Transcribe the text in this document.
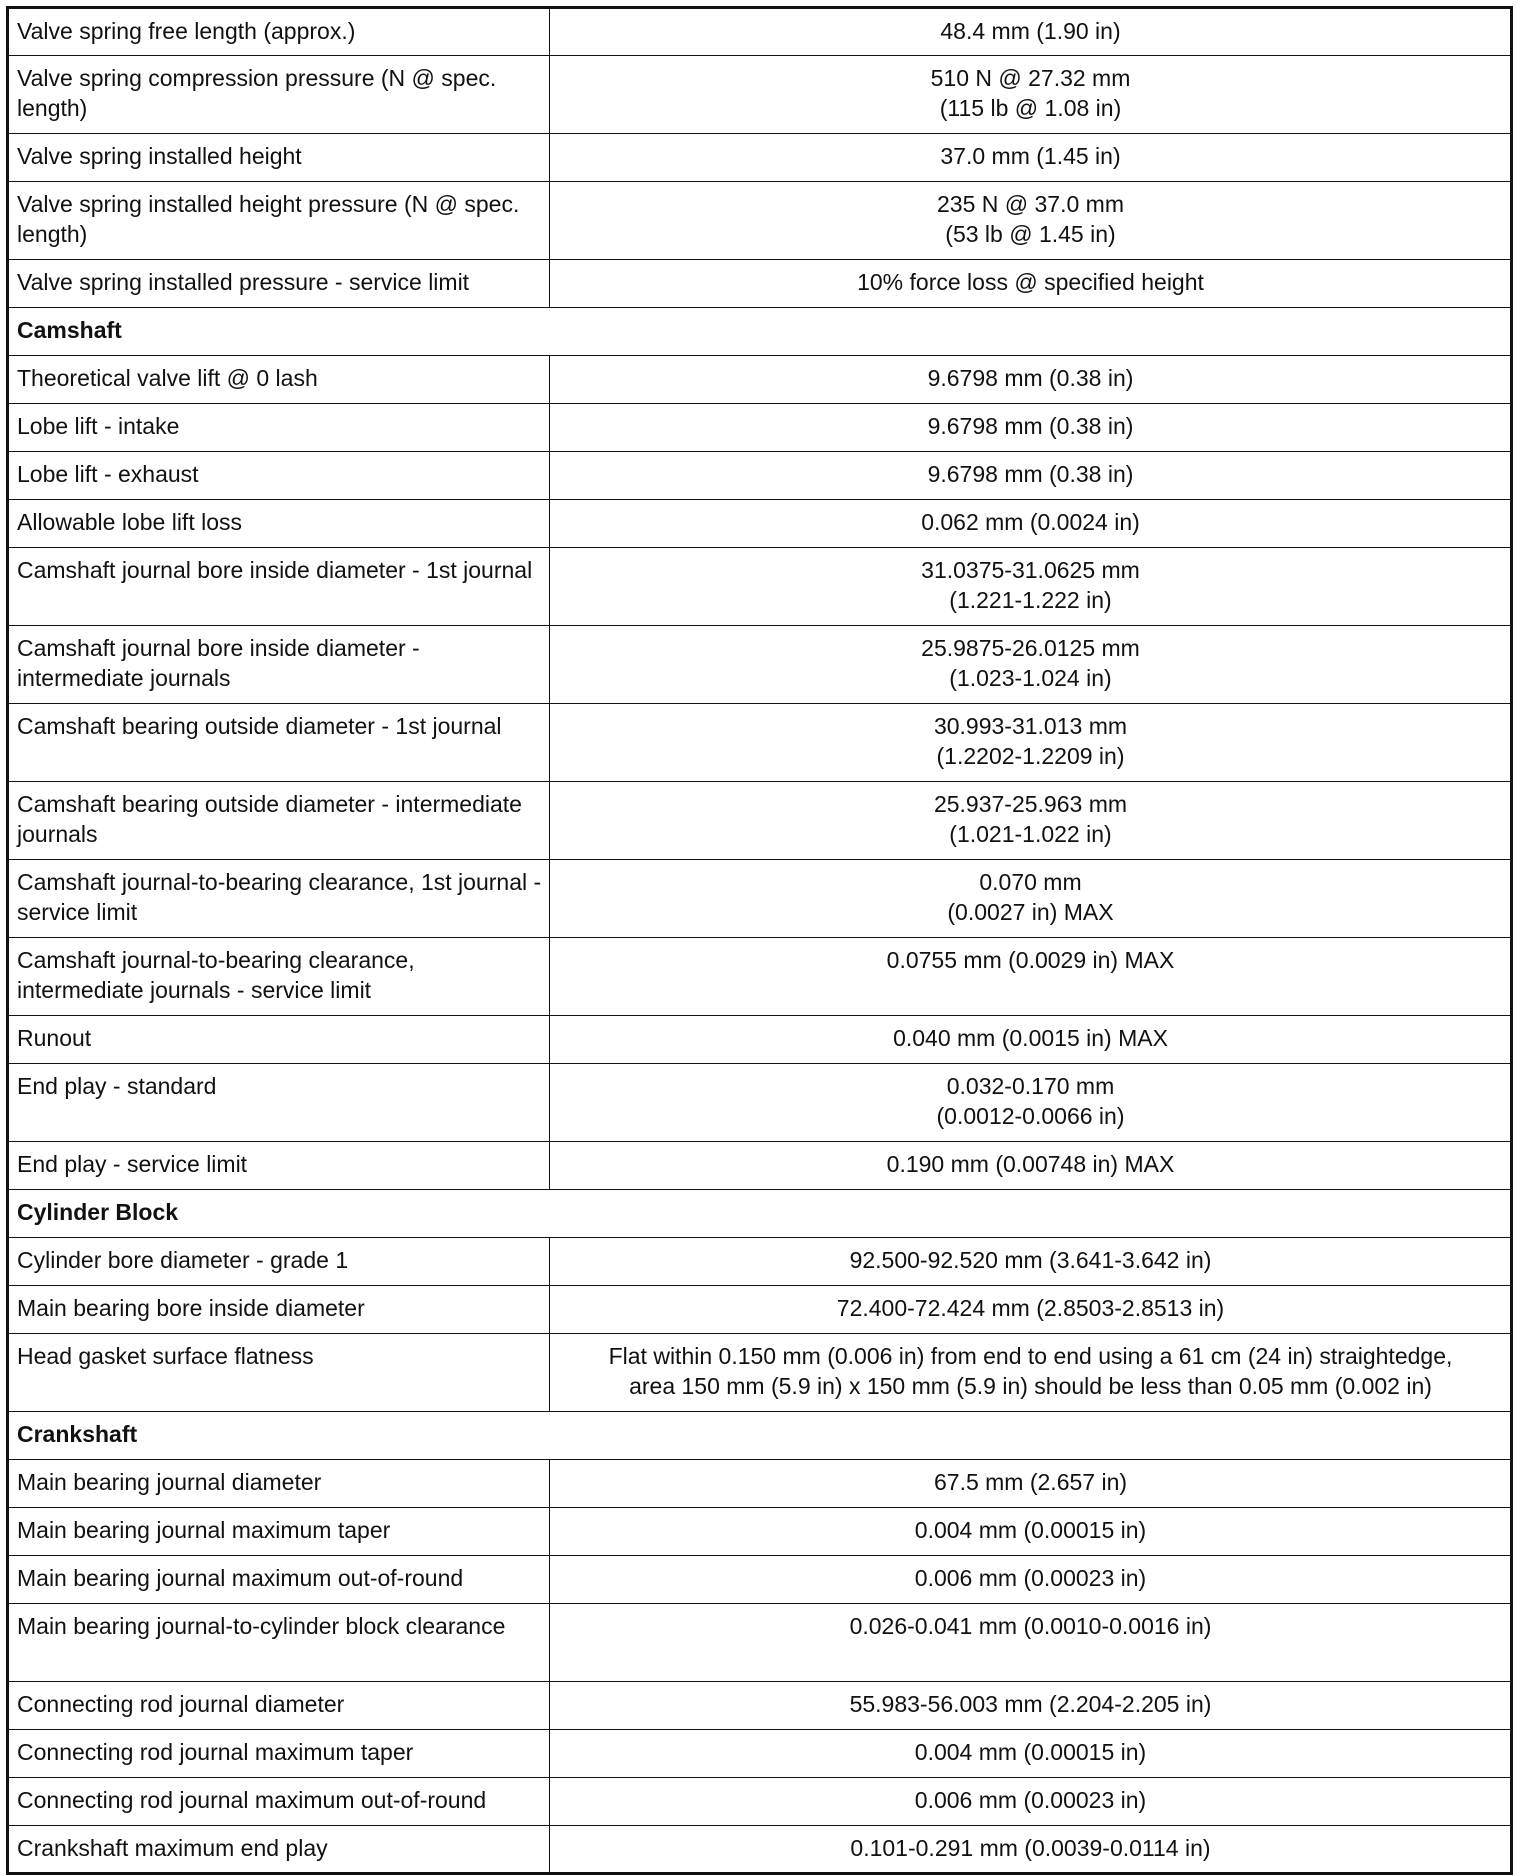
Valve spring free length (approx.)	48.4 mm (1.90 in)
Valve spring compression pressure (N @ spec. length)	510 N @ 27.32 mm
(115 lb @ 1.08 in)
Valve spring installed height	37.0 mm (1.45 in)
Valve spring installed height pressure (N @ spec. length)	235 N @ 37.0 mm
(53 lb @ 1.45 in)
Valve spring installed pressure - service limit	10% force loss @ specified height
Camshaft	
Theoretical valve lift @ 0 lash	9.6798 mm (0.38 in)
Lobe lift - intake	9.6798 mm (0.38 in)
Lobe lift - exhaust	9.6798 mm (0.38 in)
Allowable lobe lift loss	0.062 mm (0.0024 in)
Camshaft journal bore inside diameter - 1st journal	31.0375-31.0625 mm
(1.221-1.222 in)
Camshaft journal bore inside diameter - intermediate journals	25.9875-26.0125 mm
(1.023-1.024 in)
Camshaft bearing outside diameter - 1st journal	30.993-31.013 mm
(1.2202-1.2209 in)
Camshaft bearing outside diameter - intermediate journals	25.937-25.963 mm
(1.021-1.022 in)
Camshaft journal-to-bearing clearance, 1st journal - service limit	0.070 mm
(0.0027 in) MAX
Camshaft journal-to-bearing clearance, intermediate journals - service limit	0.0755 mm (0.0029 in) MAX
Runout	0.040 mm (0.0015 in) MAX
End play - standard	0.032-0.170 mm
(0.0012-0.0066 in)
End play - service limit	0.190 mm (0.00748 in) MAX
Cylinder Block	
Cylinder bore diameter - grade 1	92.500-92.520 mm (3.641-3.642 in)
Main bearing bore inside diameter	72.400-72.424 mm (2.8503-2.8513 in)
Head gasket surface flatness	Flat within 0.150 mm (0.006 in) from end to end using a 61 cm (24 in) straightedge,
area 150 mm (5.9 in) x 150 mm (5.9 in) should be less than 0.05 mm (0.002 in)
Crankshaft	
Main bearing journal diameter	67.5 mm (2.657 in)
Main bearing journal maximum taper	0.004 mm (0.00015 in)
Main bearing journal maximum out-of-round	0.006 mm (0.00023 in)
Main bearing journal-to-cylinder block clearance	0.026-0.041 mm (0.0010-0.0016 in)
Connecting rod journal diameter	55.983-56.003 mm (2.204-2.205 in)
Connecting rod journal maximum taper	0.004 mm (0.00015 in)
Connecting rod journal maximum out-of-round	0.006 mm (0.00023 in)
Crankshaft maximum end play	0.101-0.291 mm (0.0039-0.0114 in)
